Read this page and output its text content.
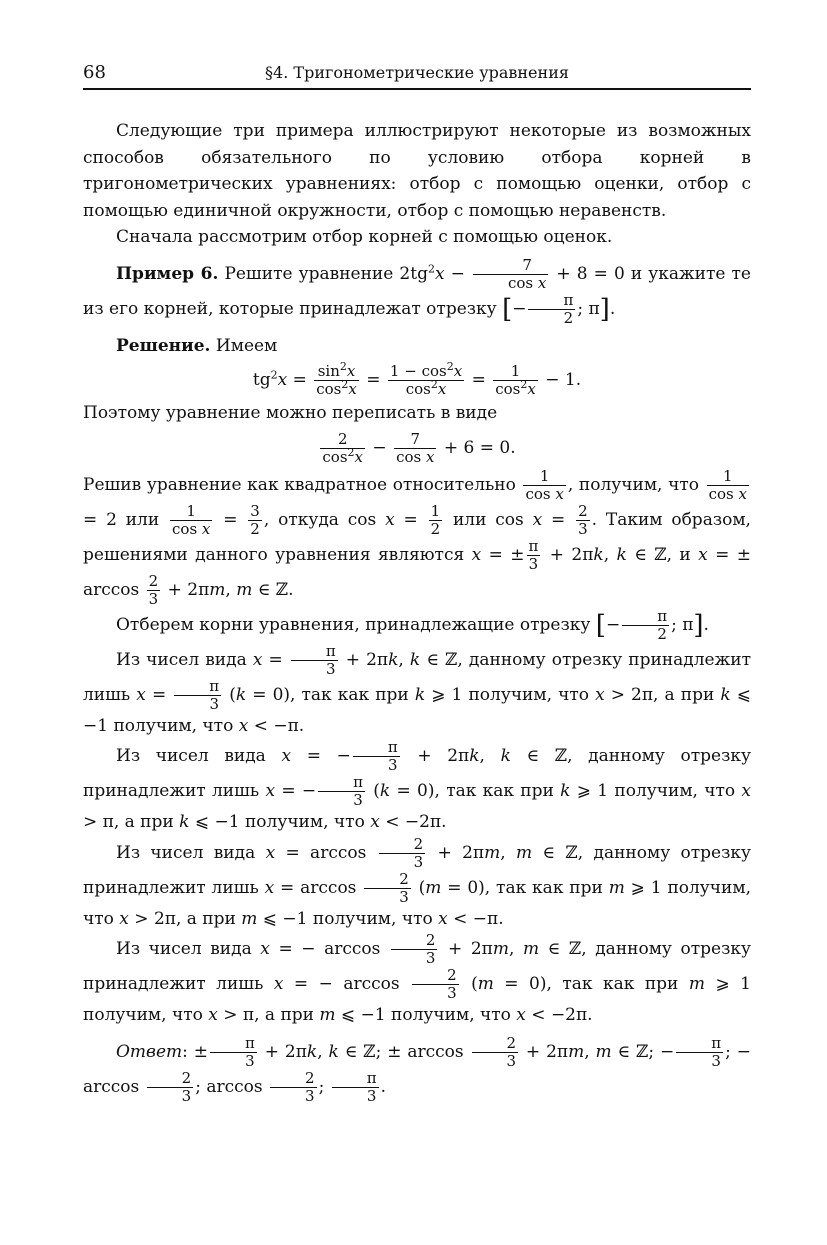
68	§4. Тригонометрические уравнения

Следующие три примера иллюстрируют некоторые из возможных способов обязательного по условию отбора корней в тригонометрических уравнениях: отбор с помощью оценки, отбор с помощью единичной окружности, отбор с помощью неравенств.

Сначала рассмотрим отбор корней с помощью оценок.

Пример 6. Решите уравнение $2tg^2x - \frac{7}{\text{cos x}} + 8 = 0$ и укажите те из его корней, которые принадлежат отрезку [− $\frac{\pi}{2}$ ; π].

Решение. Имеем

$tg^2x = \frac{\sin^2x}{\cos^2x} = \frac{1 - \cos^2x}{\cos^2x} = \frac{1}{\cos^2x} - 1$.

Поэтому уравнение можно переписать в виде

$\frac{2}{\cos^2x} - \frac{7}{\text{cos x}} + 6 = 0$.

Решив уравнение как квадратное относительно $\frac{1}{\text{cos x}}$ , получим, что $\frac{1}{\text{cos x}}$
= 2 или $\frac{1}{\text{cos x}} = \frac{3}{2}$ , откуда $\cos x = \frac{1}{2}$ или $\cos x = \frac{2}{3}$ . Таким образом, решениями данного уравнения являются x = ± $\frac{\pi}{3} + 2\pi k$, k ∈ ℤ, и x = ± $\arccos \frac{2}{3} + 2\pi m$, m ∈ ℤ.

Отберем корни уравнения, принадлежащие отрезку [− $\frac{\pi}{2}$ ; π].

Из чисел вида $x = \frac{\pi}{3} + 2\pi k$, k ∈ ℤ, данному отрезку принадлежит лишь $x = \frac{\pi}{3} (k = 0)$, так как при k ⩾ 1 получим, что x > 2π, а при k ⩽ −1 получим, что x < −π.

Из чисел вида x = − $\frac{\pi}{3} + 2\pi k$, k ∈ ℤ, данному отрезку принадлежит лишь x = − $\frac{\pi}{3} (k = 0)$, так как при k ⩾ 1 получим, что x > π, а при k ⩽ −1 получим, что x < −2π.

Из чисел вида $x = \arccos \frac{2}{3} + 2\pi m$, m ∈ ℤ, данному отрезку принадлежит лишь $x = \arccos \frac{2}{3} (m = 0)$, так как при m ⩾ 1 получим, что x > 2π, а при m ⩽ −1 получим, что x < −π.

Из чисел вида x = − $\arccos \frac{2}{3} + 2\pi m$, m ∈ ℤ, данному отрезку принадлежит лишь x = − $\arccos \frac{2}{3} (m = 0)$, так как при m ⩾ 1 получим, что x > π, а при m ⩽ −1 получим, что x < −2π.

Ответ: ± $\frac{\pi}{3} + 2\pi k$, k ∈ ℤ; ± $\arccos \frac{2}{3} + 2\pi m$, m ∈ ℤ; − $\frac{\pi}{3}$ ; − $\arccos \frac{2}{3}$ ; $\arccos \frac{2}{3}$ ; $\frac{\pi}{3}$ .
